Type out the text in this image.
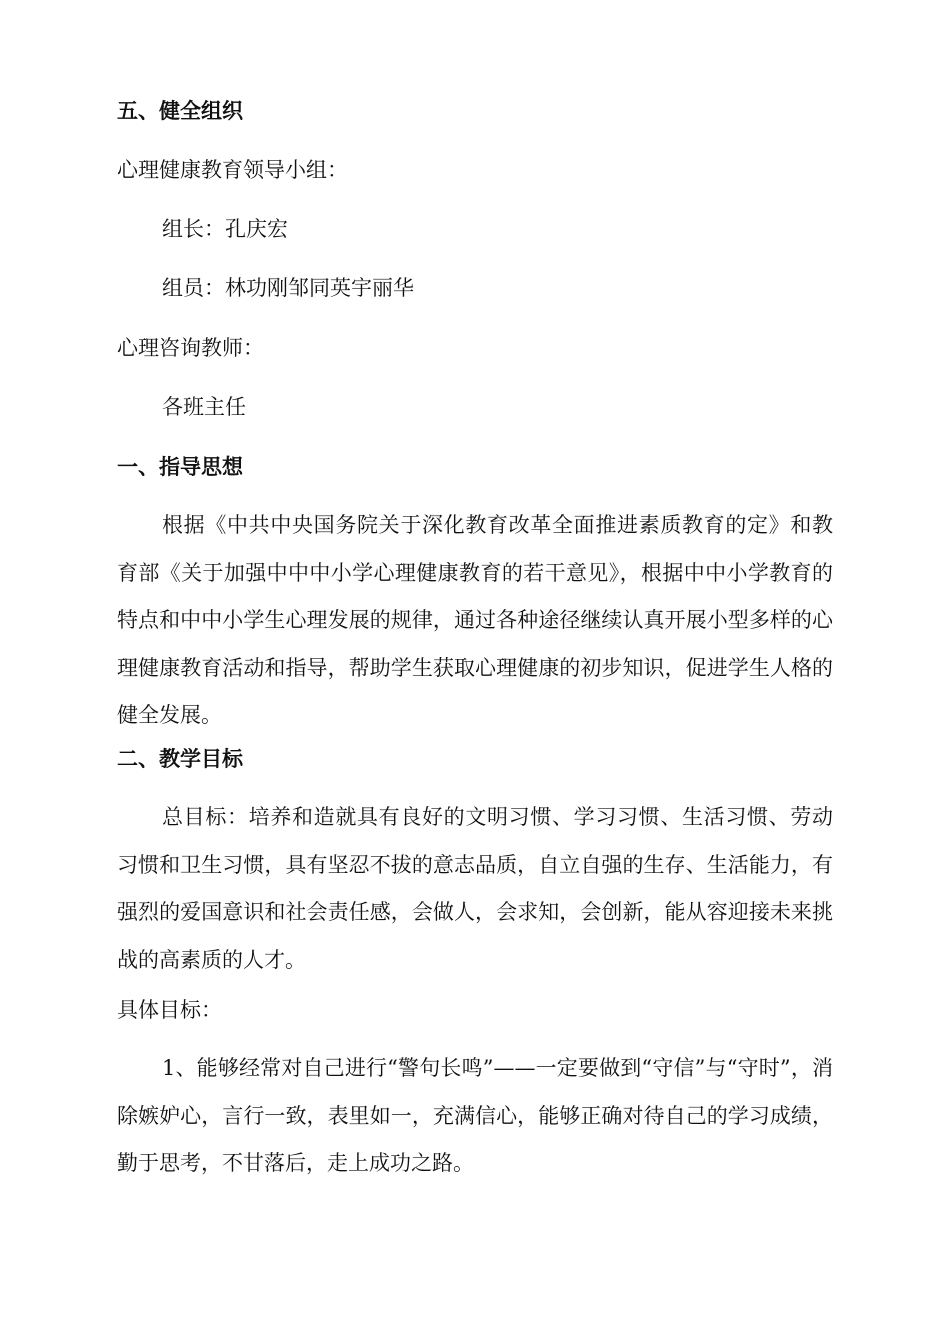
五、健全组织
心理健康教育领导小组：
组长：孔庆宏
组员：林功刚邹同英宇丽华
心理咨询教师：
各班主任
一、指导思想
根据《中共中央国务院关于深化教育改革全面推进素质教育的定》和教育部《关于加强中中中小学心理健康教育的若干意见》，根据中中小学教育的特点和中中小学生心理发展的规律，通过各种途径继续认真开展小型多样的心理健康教育活动和指导，帮助学生获取心理健康的初步知识，促进学生人格的健全发展。
二、教学目标
总目标：培养和造就具有良好的文明习惯、学习习惯、生活习惯、劳动习惯和卫生习惯，具有坚忍不拔的意志品质，自立自强的生存、生活能力，有强烈的爱国意识和社会责任感，会做人，会求知，会创新，能从容迎接未来挑战的高素质的人才。
具体目标：
1、能够经常对自己进行“警句长鸣”——一定要做到“守信”与“守时”，消除嫉妒心，言行一致，表里如一，充满信心，能够正确对待自己的学习成绩，勤于思考，不甘落后，走上成功之路。
